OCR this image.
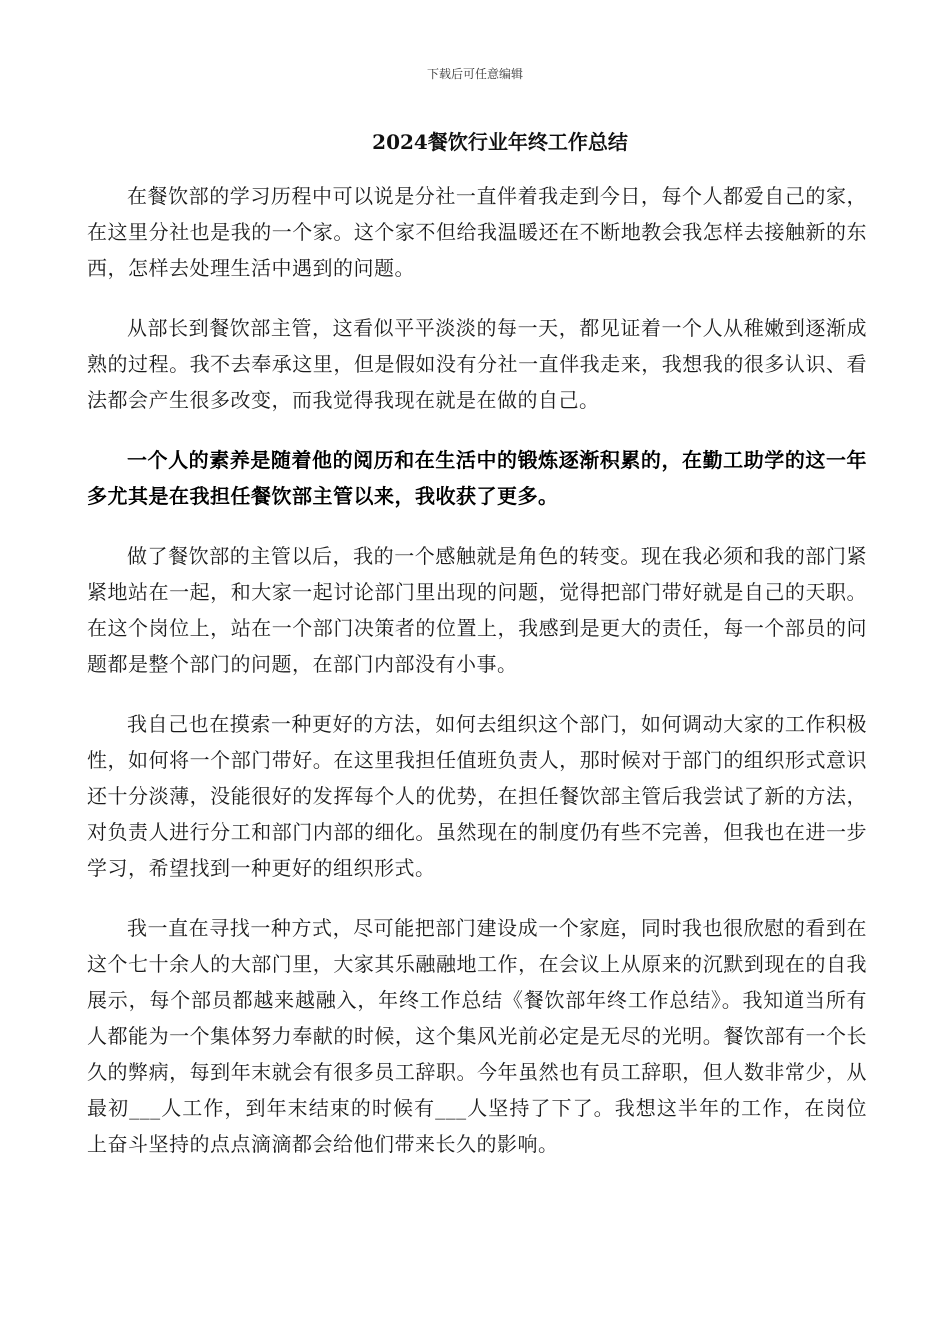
下载后可任意编辑
2024餐饮行业年终工作总结

在餐饮部的学习历程中可以说是分社一直伴着我走到今日，每个人都爱自己的家，在这里分社也是我的一个家。这个家不但给我温暖还在不断地教会我怎样去接触新的东西，怎样去处理生活中遇到的问题。

从部长到餐饮部主管，这看似平平淡淡的每一天，都见证着一个人从稚嫩到逐渐成熟的过程。我不去奉承这里，但是假如没有分社一直伴我走来，我想我的很多认识、看法都会产生很多改变，而我觉得我现在就是在做的自己。

一个人的素养是随着他的阅历和在生活中的锻炼逐渐积累的，在勤工助学的这一年多尤其是在我担任餐饮部主管以来，我收获了更多。

做了餐饮部的主管以后，我的一个感触就是角色的转变。现在我必须和我的部门紧紧地站在一起，和大家一起讨论部门里出现的问题，觉得把部门带好就是自己的天职。在这个岗位上，站在一个部门决策者的位置上，我感到是更大的责任，每一个部员的问题都是整个部门的问题，在部门内部没有小事。

我自己也在摸索一种更好的方法，如何去组织这个部门，如何调动大家的工作积极性，如何将一个部门带好。在这里我担任值班负责人，那时候对于部门的组织形式意识还十分淡薄，没能很好的发挥每个人的优势，在担任餐饮部主管后我尝试了新的方法，对负责人进行分工和部门内部的细化。虽然现在的制度仍有些不完善，但我也在进一步学习，希望找到一种更好的组织形式。

我一直在寻找一种方式，尽可能把部门建设成一个家庭，同时我也很欣慰的看到在这个七十余人的大部门里，大家其乐融融地工作，在会议上从原来的沉默到现在的自我展示，每个部员都越来越融入，年终工作总结《餐饮部年终工作总结》。我知道当所有人都能为一个集体努力奉献的时候，这个集风光前必定是无尽的光明。餐饮部有一个长久的弊病，每到年末就会有很多员工辞职。今年虽然也有员工辞职，但人数非常少，从最初___人工作，到年末结束的时候有___人坚持了下了。我想这半年的工作，在岗位上奋斗坚持的点点滴滴都会给他们带来长久的影响。
